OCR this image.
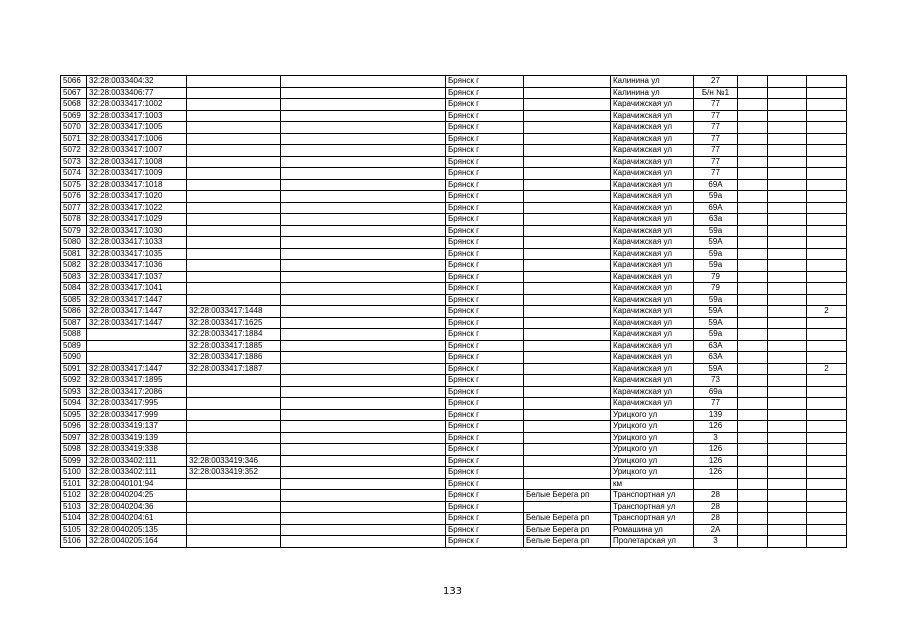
5066	32:28:0033404:32			Брянск г		Калинина ул	27			
5067	32:28:0033406:77			Брянск г		Калинина ул	Б/н №1			
5068	32:28:0033417:1002			Брянск г		Карачижская ул	77			
5069	32:28:0033417:1003			Брянск г		Карачижская ул	77			
5070	32:28:0033417:1005			Брянск г		Карачижская ул	77			
5071	32:28:0033417:1006			Брянск г		Карачижская ул	77			
5072	32:28:0033417:1007			Брянск г		Карачижская ул	77			
5073	32:28:0033417:1008			Брянск г		Карачижская ул	77			
5074	32:28:0033417:1009			Брянск г		Карачижская ул	77			
5075	32:28:0033417:1018			Брянск г		Карачижская ул	69А			
5076	32:28:0033417:1020			Брянск г		Карачижская ул	59а			
5077	32:28:0033417:1022			Брянск г		Карачижская ул	69А			
5078	32:28:0033417:1029			Брянск г		Карачижская ул	63а			
5079	32:28:0033417:1030			Брянск г		Карачижская ул	59а			
5080	32:28:0033417:1033			Брянск г		Карачижская ул	59А			
5081	32:28:0033417:1035			Брянск г		Карачижская ул	59а			
5082	32:28:0033417:1036			Брянск г		Карачижская ул	59а			
5083	32:28:0033417:1037			Брянск г		Карачижская ул	79			
5084	32:28:0033417:1041			Брянск г		Карачижская ул	79			
5085	32:28:0033417:1447			Брянск г		Карачижская ул	59а			
5086	32:28:0033417:1447	32:28:0033417:1448		Брянск г		Карачижская ул	59А			2
5087	32:28:0033417:1447	32:28:0033417:1625		Брянск г		Карачижская ул	59А			
5088		32:28:0033417:1884		Брянск г		Карачижская ул	59а			
5089		32:28:0033417:1885		Брянск г		Карачижская ул	63А			
5090		32:28:0033417:1886		Брянск г		Карачижская ул	63А			
5091	32:28:0033417:1447	32:28:0033417:1887		Брянск г		Карачижская ул	59А			2
5092	32:28:0033417:1895			Брянск г		Карачижская ул	73			
5093	32:28:0033417:2086			Брянск г		Карачижская ул	69а			
5094	32:28:0033417:995			Брянск г		Карачижская ул	77			
5095	32:28:0033417:999			Брянск г		Урицкого ул	139			
5096	32:28:0033419:137			Брянск г		Урицкого ул	126			
5097	32:28:0033419:139			Брянск г		Урицкого ул	3			
5098	32:28:0033419:338			Брянск г		Урицкого ул	126			
5099	32:28:0033402:111	32:28:0033419:346		Брянск г		Урицкого ул	126			
5100	32:28:0033402:111	32:28:0033419:352		Брянск г		Урицкого ул	126			
5101	32:28:0040101:94			Брянск г		км				
5102	32:28:0040204:25			Брянск г	Белые Берега рп	Транспортная ул	28			
5103	32:28:0040204:36			Брянск г		Транспортная ул	28			
5104	32:28:0040204:61			Брянск г	Белые Берега рп	Транспортная ул	28			
5105	32:28:0040205:135			Брянск г	Белые Берега рп	Ромашина ул	2А			
5106	32:28:0040205:164			Брянск г	Белые Берега рп	Пролетарская ул	3			
133
